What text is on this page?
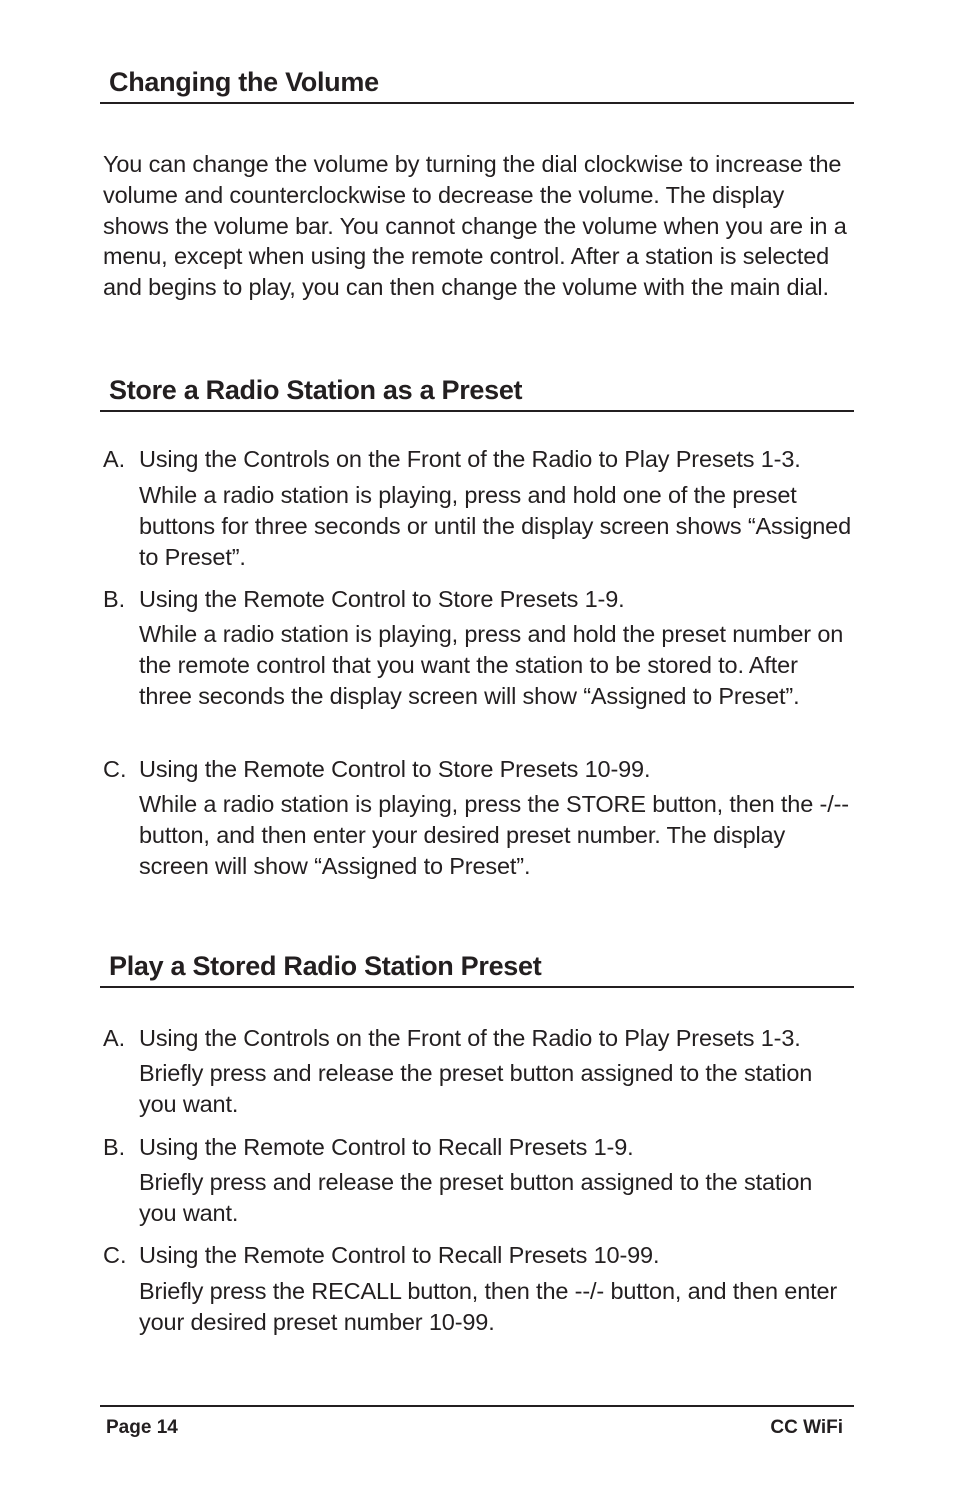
Changing the Volume
You can change the volume by turning the dial clockwise to increase the volume and counterclockwise to decrease the volume. The display shows the volume bar. You cannot change the volume when you are in a menu, except when using the remote control. After a station is selected and begins to play, you can then change the volume with the main dial.
Store a Radio Station as a Preset
A. Using the Controls on the Front of the Radio to Play Presets 1-3.
While a radio station is playing, press and hold one of the preset buttons for three seconds or until the display screen shows “Assigned to Preset”.
B. Using the Remote Control to Store Presets 1-9.
While a radio station is playing, press and hold the preset number on the remote control that you want the station to be stored to. After three seconds the display screen will show “Assigned to Preset”.
C. Using the Remote Control to Store Presets 10-99.
While a radio station is playing, press the STORE button, then the -/-- button, and then enter your desired preset number. The display screen will show “Assigned to Preset”.
Play a Stored Radio Station Preset
A. Using the Controls on the Front of the Radio to Play Presets 1-3.
Briefly press and release the preset button assigned to the station you want.
B. Using the Remote Control to Recall Presets 1-9.
Briefly press and release the preset button assigned to the station you want.
C. Using the Remote Control to Recall Presets 10-99.
Briefly press the RECALL button, then the --/- button, and then enter your desired preset number 10-99.
Page 14	CC WiFi
